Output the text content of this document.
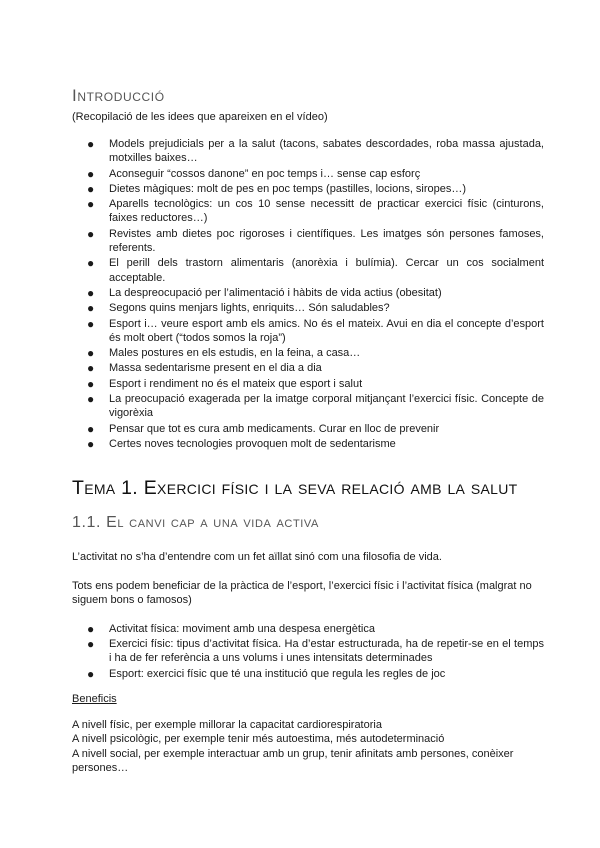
Introducció

(Recopilació de les idees que apareixen en el vídeo)

● Models prejudicials per a la salut (tacons, sabates descordades, roba massa ajustada, motxilles baixes…
● Aconseguir “cossos danone” en poc temps i… sense cap esforç
● Dietes màgiques: molt de pes en poc temps (pastilles, locions, siropes…)
● Aparells tecnològics: un cos 10 sense necessitt de practicar exercici físic (cinturons, faixes reductores…)
● Revistes amb dietes poc rigoroses i científiques. Les imatges són persones famoses, referents.
● El perill dels trastorn alimentaris (anorèxia i bulímia). Cercar un cos socialment acceptable.
● La despreocupació per l’alimentació i hàbits de vida actius (obesitat)
● Segons quins menjars lights, enriquits… Són saludables?
● Esport i… veure esport amb els amics. No és el mateix. Avui en dia el concepte d’esport és molt obert (“todos somos la roja”)
● Males postures en els estudis, en la feina, a casa…
● Massa sedentarisme present en el dia a dia
● Esport i rendiment no és el mateix que esport i salut
● La preocupació exagerada per la imatge corporal mitjançant l’exercici físic. Concepte de vigorèxia
● Pensar que tot es cura amb medicaments. Curar en lloc de prevenir
● Certes noves tecnologies provoquen molt de sedentarisme
Tema 1. Exercici físic i la seva relació amb la salut
1.1. El canvi cap a una vida activa

L’activitat no s’ha d’entendre com un fet aïllat sinó com una filosofia de vida.

Tots ens podem beneficiar de la pràctica de l’esport, l’exercici físic i l’activitat física (malgrat no siguem bons o famosos)

● Activitat física: moviment amb una despesa energètica
● Exercici físic: tipus d’activitat física. Ha d’estar estructurada, ha de repetir-se en el temps i ha de fer referència a uns volums i unes intensitats determinades
● Esport: exercici físic que té una institució que regula les regles de joc
Beneficis

A nivell físic, per exemple millorar la capacitat cardiorespiratoria

A nivell psicològic, per exemple tenir més autoestima, més autodeterminació

A nivell social, per exemple interactuar amb un grup, tenir afinitats amb persones, conèixer persones…
